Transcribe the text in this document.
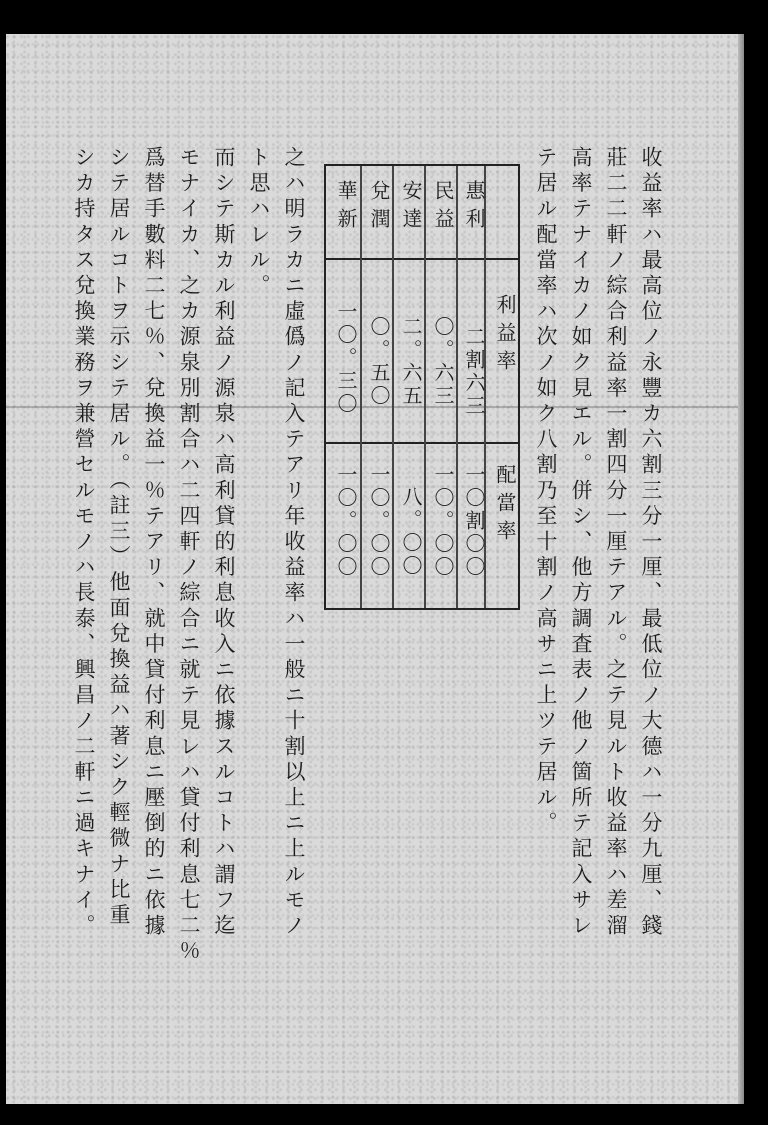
收益率ハ最高位ノ永豐カ六割三分一厘、最低位ノ大德ハ一分九厘、錢
莊二二軒ノ綜合利益率一割四分一厘テアル。之テ見ルト收益率ハ差溜
高率テナイカノ如ク見エル。併シ、他方調査表ノ他ノ箇所テ記入サレ
テ居ル配當率ハ次ノ如ク八割乃至十割ノ高サニ上ツテ居ル。
利益率
配當率
惠利
二割六三
一〇割〇〇
民益
〇。六三
一〇。〇〇
安達
二。六五
八。〇〇
兌潤
〇。五〇
一〇。〇〇
華新
一〇。三〇
一〇。〇〇
之ハ明ラカニ虛僞ノ記入テアリ年收益率ハ一般ニ十割以上ニ上ルモノ
ト思ハレル。
而シテ斯カル利益ノ源泉ハ高利貸的利息收入ニ依據スルコトハ謂フ迄
モナイカ、之カ源泉別割合ハ二四軒ノ綜合ニ就テ見レハ貸付利息七二％
爲替手數料二七％、兌換益一％テアリ、就中貸付利息ニ壓倒的ニ依據
シテ居ルコトヲ示シテ居ル。（註三）他面兌換益ハ著シク輕微ナ比重
シカ持タス兌換業務ヲ兼營セルモノハ長泰、興昌ノ二軒ニ過キナイ。
